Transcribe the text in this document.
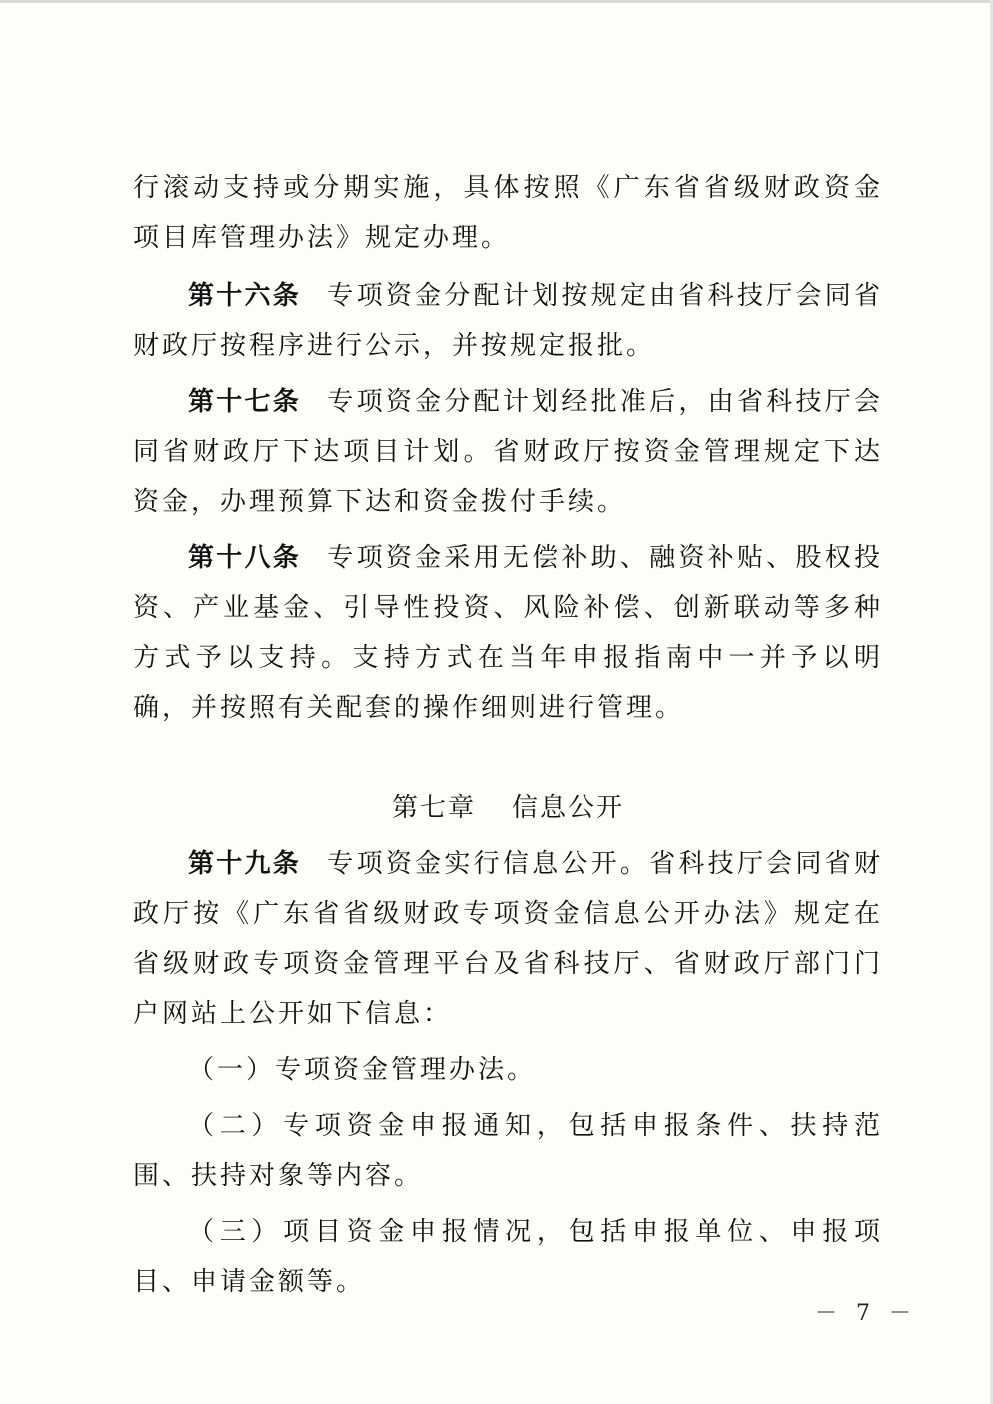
行滚动支持或分期实施，具体按照《广东省省级财政资金项目库管理办法》规定办理。

第十六条 专项资金分配计划按规定由省科技厅会同省财政厅按程序进行公示，并按规定报批。

第十七条 专项资金分配计划经批准后，由省科技厅会同省财政厅下达项目计划。省财政厅按资金管理规定下达资金，办理预算下达和资金拨付手续。

第十八条 专项资金采用无偿补助、融资补贴、股权投资、产业基金、引导性投资、风险补偿、创新联动等多种方式予以支持。支持方式在当年申报指南中一并予以明确，并按照有关配套的操作细则进行管理。

第七章 信息公开

第十九条 专项资金实行信息公开。省科技厅会同省财政厅按《广东省省级财政专项资金信息公开办法》规定在省级财政专项资金管理平台及省科技厅、省财政厅部门门户网站上公开如下信息：

（一）专项资金管理办法。

（二）专项资金申报通知，包括申报条件、扶持范围、扶持对象等内容。

（三）项目资金申报情况，包括申报单位、申报项目、申请金额等。

－ 7 －
